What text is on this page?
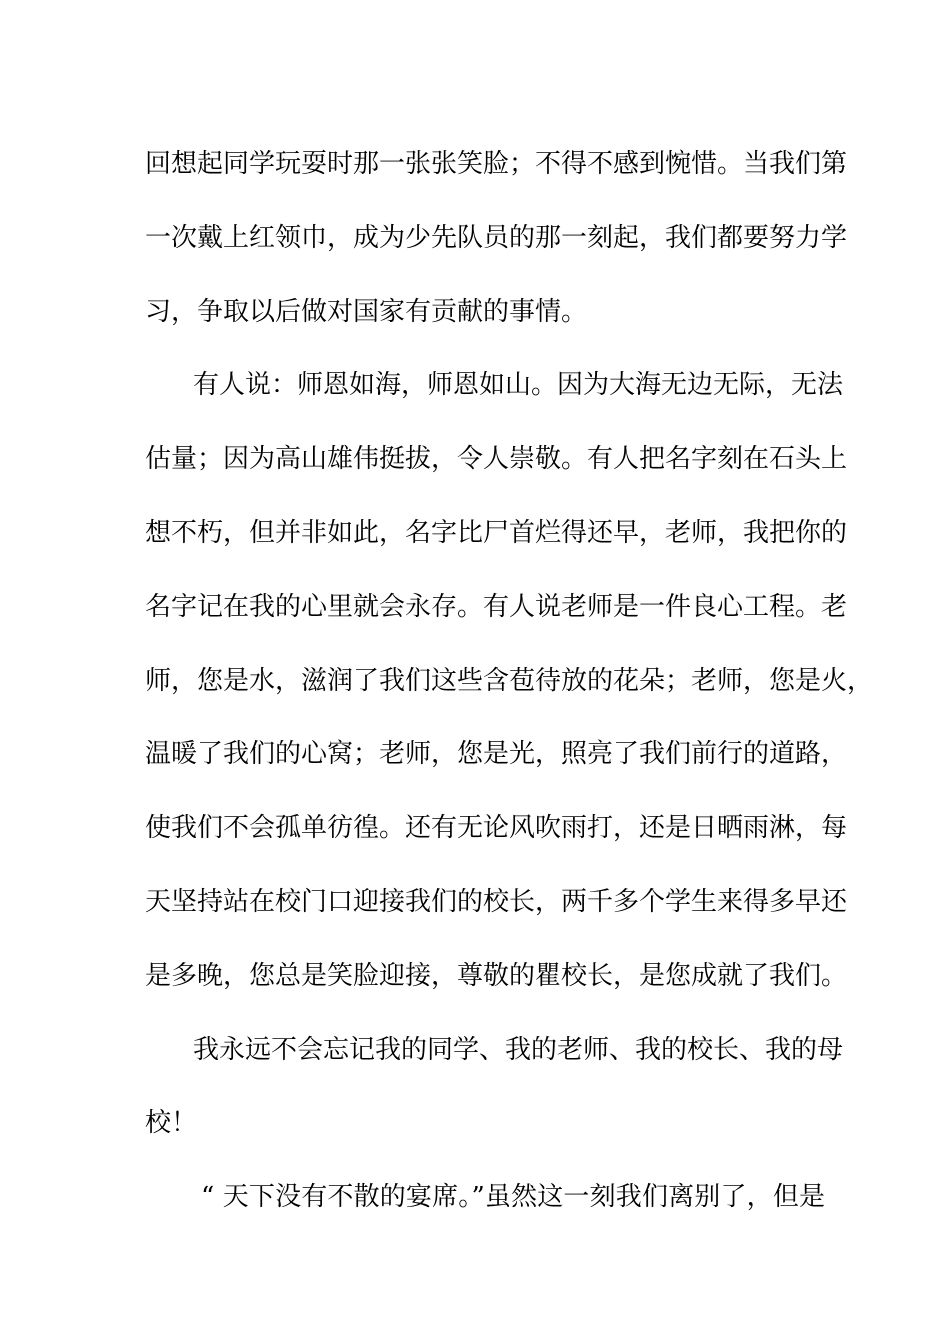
回想起同学玩耍时那一张张笑脸；不得不感到惋惜。当我们第
一次戴上红领巾，成为少先队员的那一刻起，我们都要努力学
习，争取以后做对国家有贡献的事情。
有人说：师恩如海，师恩如山。因为大海无边无际，无法
估量；因为高山雄伟挺拔，令人崇敬。有人把名字刻在石头上
想不朽，但并非如此，名字比尸首烂得还早，老师，我把你的
名字记在我的心里就会永存。有人说老师是一件良心工程。老
师，您是水，滋润了我们这些含苞待放的花朵；老师，您是火，
温暖了我们的心窝；老师，您是光，照亮了我们前行的道路，
使我们不会孤单彷徨。还有无论风吹雨打，还是日晒雨淋，每
天坚持站在校门口迎接我们的校长，两千多个学生来得多早还
是多晚，您总是笑脸迎接，尊敬的瞿校长，是您成就了我们。
我永远不会忘记我的同学、我的老师、我的校长、我的母
校！
“ 天下没有不散的宴席。”虽然这一刻我们离别了，但是
